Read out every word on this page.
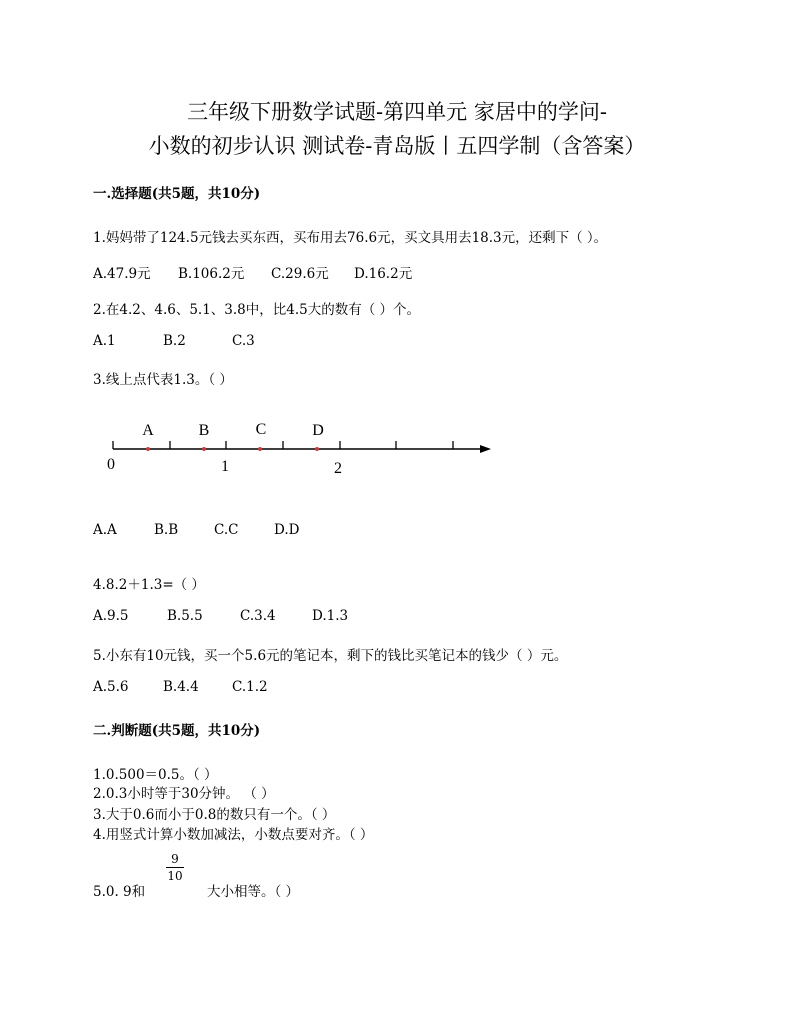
三年级下册数学试题-第四单元 家居中的学问-
小数的初步认识 测试卷-青岛版丨五四学制（含答案）
一.选择题(共5题，共10分)
1.妈妈带了124.5元钱去买东西，买布用去76.6元，买文具用去18.3元，还剩下（ ）。
A.47.9元 B.106.2元 C.29.6元 D.16.2元
2.在4.2、4.6、5.1、3.8中，比4.5大的数有（ ）个。
A.1	B.2	C.3
3.线上点代表1.3。（ ）
A	B	C	D
0	1	2
A.A	B.B	C.C	D.D
4.8.2＋1.3=（ ）
A.9.5	B.5.5	C.3.4	D.1.3
5.小东有10元钱，买一个5.6元的笔记本，剩下的钱比买笔记本的钱少（ ）元。
A.5.6	B.4.4 C.1.2
二.判断题(共5题，共10分)
1.0.500＝0.5。（ ）
2.0.3小时等于30分钟。 （ ）
3.大于0.6而小于0.8的数只有一个。（ ）
4.用竖式计算小数加减法，小数点要对齐。（ ）
5.0. 9和
9
10
大小相等。（ ）
